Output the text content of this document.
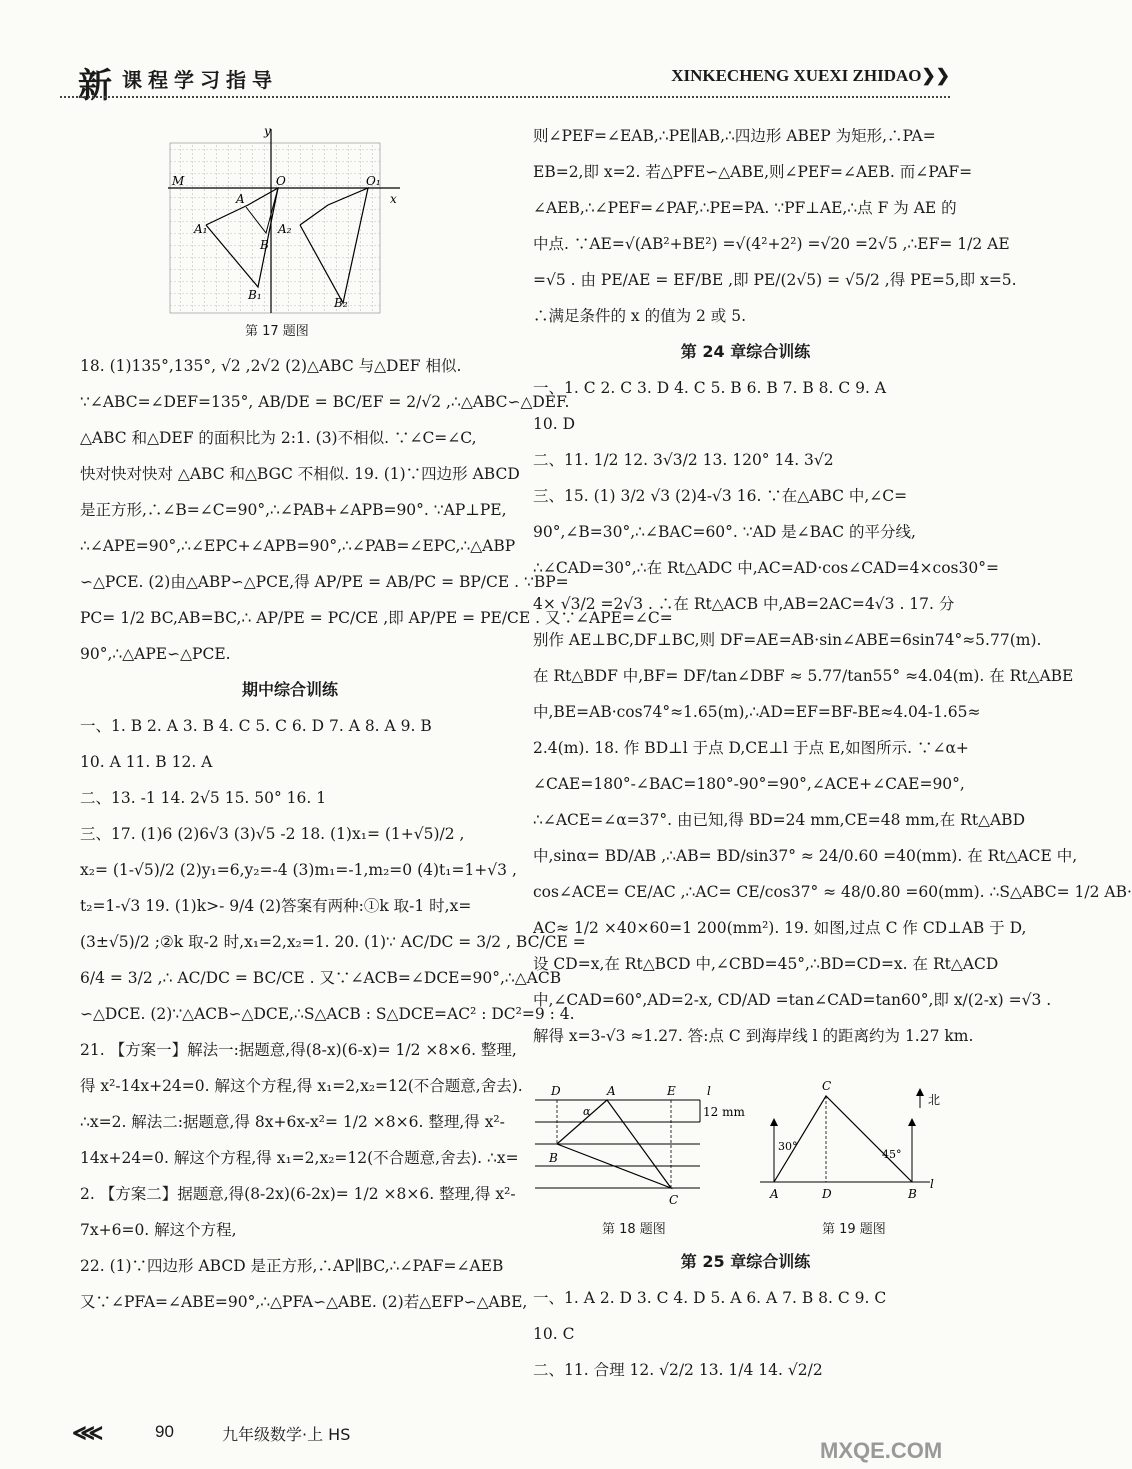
新 课程学习指导	XINKECHENG XUEXI ZHIDAO❯❯
y
M	O	O₁
x
A
A₁	A₂
B
B₁
B₂
第 17 题图

18. (1)135°,135°, √2 ,2√2 (2)△ABC 与△DEF 相似.

∵∠ABC=∠DEF=135°, AB/DE = BC/EF = 2/√2 ,∴△ABC∽△DEF.

△ABC 和△DEF 的面积比为 2:1. (3)不相似. ∵∠C=∠C,

快对快对快对 △ABC 和△BGC 不相似. 19. (1)∵四边形 ABCD

是正方形,∴∠B=∠C=90°,∴∠PAB+∠APB=90°. ∵AP⊥PE,

∴∠APE=90°,∴∠EPC+∠APB=90°,∴∠PAB=∠EPC,∴△ABP

∽△PCE. (2)由△ABP∽△PCE,得 AP/PE = AB/PC = BP/CE . ∵BP=

PC= 1/2 BC,AB=BC,∴ AP/PE = PC/CE ,即 AP/PE = PE/CE . 又∵∠APE=∠C=

90°,∴△APE∽△PCE.

期中综合训练

一、1. B 2. A 3. B 4. C 5. C 6. D 7. A 8. A 9. B

10. A 11. B 12. A

二、13. -1 14. 2√5 15. 50° 16. 1

三、17. (1)6 (2)6√3 (3)√5 -2 18. (1)x₁= (1+√5)/2 ,

x₂= (1-√5)/2 (2)y₁=6,y₂=-4 (3)m₁=-1,m₂=0 (4)t₁=1+√3 ,

t₂=1-√3 19. (1)k>- 9/4 (2)答案有两种:①k 取-1 时,x=

(3±√5)/2 ;②k 取-2 时,x₁=2,x₂=1. 20. (1)∵ AC/DC = 3/2 , BC/CE =

6/4 = 3/2 ,∴ AC/DC = BC/CE . 又∵∠ACB=∠DCE=90°,∴△ACB

∽△DCE. (2)∵△ACB∽△DCE,∴S△ACB : S△DCE=AC² : DC²=9 : 4.

21. 【方案一】解法一:据题意,得(8-x)(6-x)= 1/2 ×8×6. 整理,

得 x²-14x+24=0. 解这个方程,得 x₁=2,x₂=12(不合题意,舍去).

∴x=2. 解法二:据题意,得 8x+6x-x²= 1/2 ×8×6. 整理,得 x²-

14x+24=0. 解这个方程,得 x₁=2,x₂=12(不合题意,舍去). ∴x=

2. 【方案二】据题意,得(8-2x)(6-2x)= 1/2 ×8×6. 整理,得 x²-

7x+6=0. 解这个方程,

22. (1)∵四边形 ABCD 是正方形,∴AP∥BC,∴∠PAF=∠AEB

又∵∠PFA=∠ABE=90°,∴△PFA∽△ABE. (2)若△EFP∽△ABE,

则∠PEF=∠EAB,∴PE∥AB,∴四边形 ABEP 为矩形,∴PA=

EB=2,即 x=2. 若△PFE∽△ABE,则∠PEF=∠AEB. 而∠PAF=

∠AEB,∴∠PEF=∠PAF,∴PE=PA. ∵PF⊥AE,∴点 F 为 AE 的

中点. ∵AE=√(AB²+BE²) =√(4²+2²) =√20 =2√5 ,∴EF= 1/2 AE

=√5 . 由 PE/AE = EF/BE ,即 PE/(2√5) = √5/2 ,得 PE=5,即 x=5.

∴满足条件的 x 的值为 2 或 5.

第 24 章综合训练

一、1. C 2. C 3. D 4. C 5. B 6. B 7. B 8. C 9. A

10. D

二、11. 1/2 12. 3√3/2 13. 120° 14. 3√2

三、15. (1) 3/2 √3 (2)4-√3 16. ∵在△ABC 中,∠C=

90°,∠B=30°,∴∠BAC=60°. ∵AD 是∠BAC 的平分线,

∴∠CAD=30°,∴在 Rt△ADC 中,AC=AD·cos∠CAD=4×cos30°=

4× √3/2 =2√3 . ∴在 Rt△ACB 中,AB=2AC=4√3 . 17. 分

别作 AE⊥BC,DF⊥BC,则 DF=AE=AB·sin∠ABE=6sin74°≈5.77(m).

在 Rt△BDF 中,BF= DF/tan∠DBF ≈ 5.77/tan55° ≈4.04(m). 在 Rt△ABE

中,BE=AB·cos74°≈1.65(m),∴AD=EF=BF-BE≈4.04-1.65≈

2.4(m). 18. 作 BD⊥l 于点 D,CE⊥l 于点 E,如图所示. ∵∠α+

∠CAE=180°-∠BAC=180°-90°=90°,∠ACE+∠CAE=90°,

∴∠ACE=∠α=37°. 由已知,得 BD=24 mm,CE=48 mm,在 Rt△ABD

中,sinα= BD/AB ,∴AB= BD/sin37° ≈ 24/0.60 =40(mm). 在 Rt△ACE 中,

cos∠ACE= CE/AC ,∴AC= CE/cos37° ≈ 48/0.80 =60(mm). ∴S△ABC= 1/2 AB·

AC≈ 1/2 ×40×60=1 200(mm²). 19. 如图,过点 C 作 CD⊥AB 于 D,

设 CD=x,在 Rt△BCD 中,∠CBD=45°,∴BD=CD=x. 在 Rt△ACD

中,∠CAD=60°,AD=2-x, CD/AD =tan∠CAD=tan60°,即 x/(2-x) =√3 .

解得 x=3-√3 ≈1.27. 答:点 C 到海岸线 l 的距离约为 1.27 km.

D	A	E	l
α	12 mm
B
C
第 18 题图
C
北
30°
45°
A	D	B
l
第 19 题图

第 25 章综合训练

一、1. A 2. D 3. C 4. D 5. A 6. A 7. B 8. C 9. C

10. C

二、11. 合理 12. √2/2 13. 1/4 14. √2/2

⋘	90	九年级数学·上 HS
MXQE.COM
